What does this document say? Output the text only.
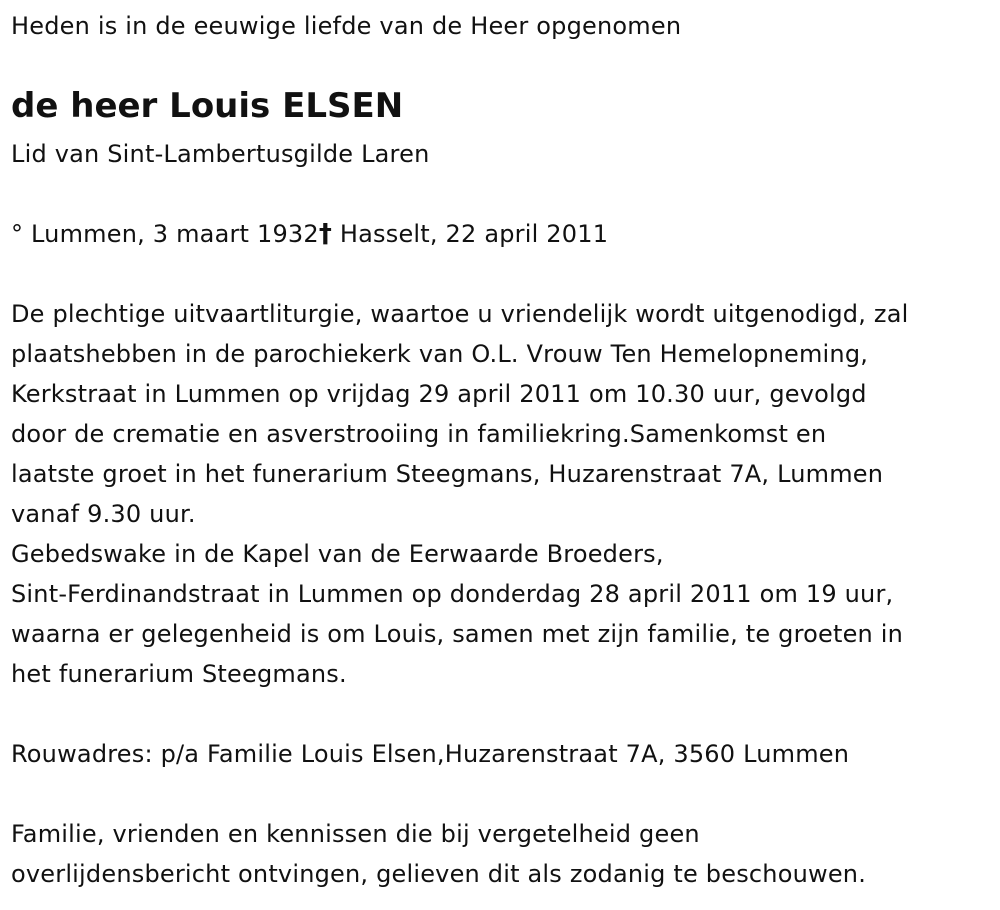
Heden is in de eeuwige liefde van de Heer opgenomen
de heer Louis ELSEN
Lid van Sint-Lambertusgilde Laren
° Lummen, 3 maart 1932† Hasselt, 22 april 2011
De plechtige uitvaartliturgie, waartoe u vriendelijk wordt uitgenodigd, zal
plaatshebben in de parochiekerk van O.L. Vrouw Ten Hemelopneming,
Kerkstraat in Lummen op vrijdag 29 april 2011 om 10.30 uur, gevolgd
door de crematie en asverstrooiing in familiekring.Samenkomst en
laatste groet in het funerarium Steegmans, Huzarenstraat 7A, Lummen
vanaf 9.30 uur.
Gebedswake in de Kapel van de Eerwaarde Broeders,
Sint-Ferdinandstraat in Lummen op donderdag 28 april 2011 om 19 uur,
waarna er gelegenheid is om Louis, samen met zijn familie, te groeten in
het funerarium Steegmans.
Rouwadres: p/a Familie Louis Elsen,Huzarenstraat 7A, 3560 Lummen
Familie, vrienden en kennissen die bij vergetelheid geen
overlijdensbericht ontvingen, gelieven dit als zodanig te beschouwen.
